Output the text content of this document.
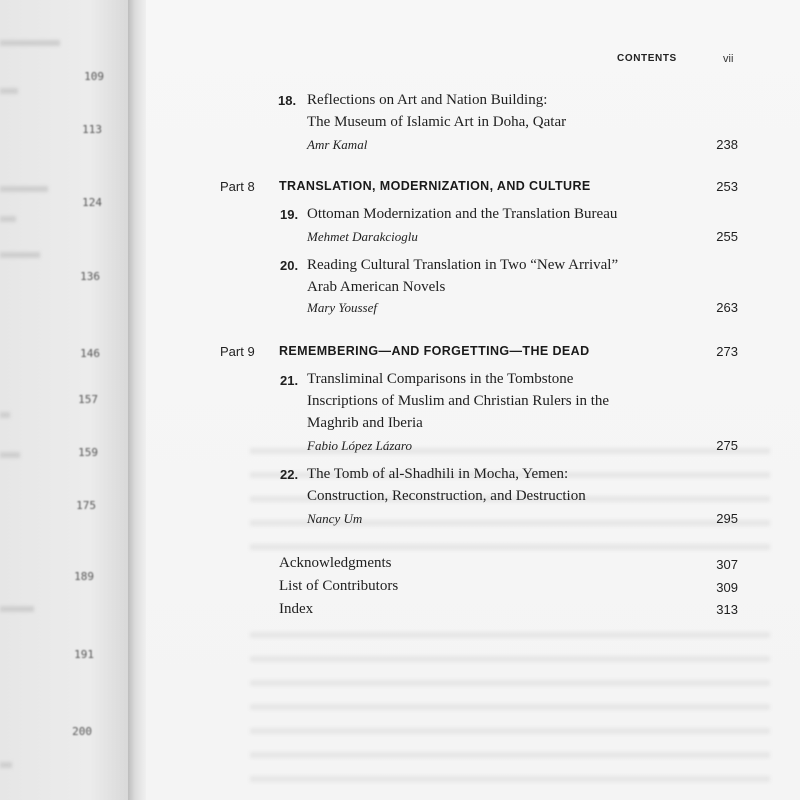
109
113
124
136
146
157
159
175
189
191
200
CONTENTS	vii
18. Reflections on Art and Nation Building:
The Museum of Islamic Art in Doha, Qatar
Amr Kamal	238
Part 8 TRANSLATION, MODERNIZATION, AND CULTURE	253
19. Ottoman Modernization and the Translation Bureau
Mehmet Darakcioglu	255
20. Reading Cultural Translation in Two “New Arrival”
Arab American Novels
Mary Youssef	263
Part 9 REMEMBERING—AND FORGETTING—THE DEAD	273
21. Transliminal Comparisons in the Tombstone
Inscriptions of Muslim and Christian Rulers in the
Maghrib and Iberia
Fabio López Lázaro	275
22. The Tomb of al-Shadhili in Mocha, Yemen:
Construction, Reconstruction, and Destruction
Nancy Um	295
Acknowledgments	307
List of Contributors	309
Index	313
